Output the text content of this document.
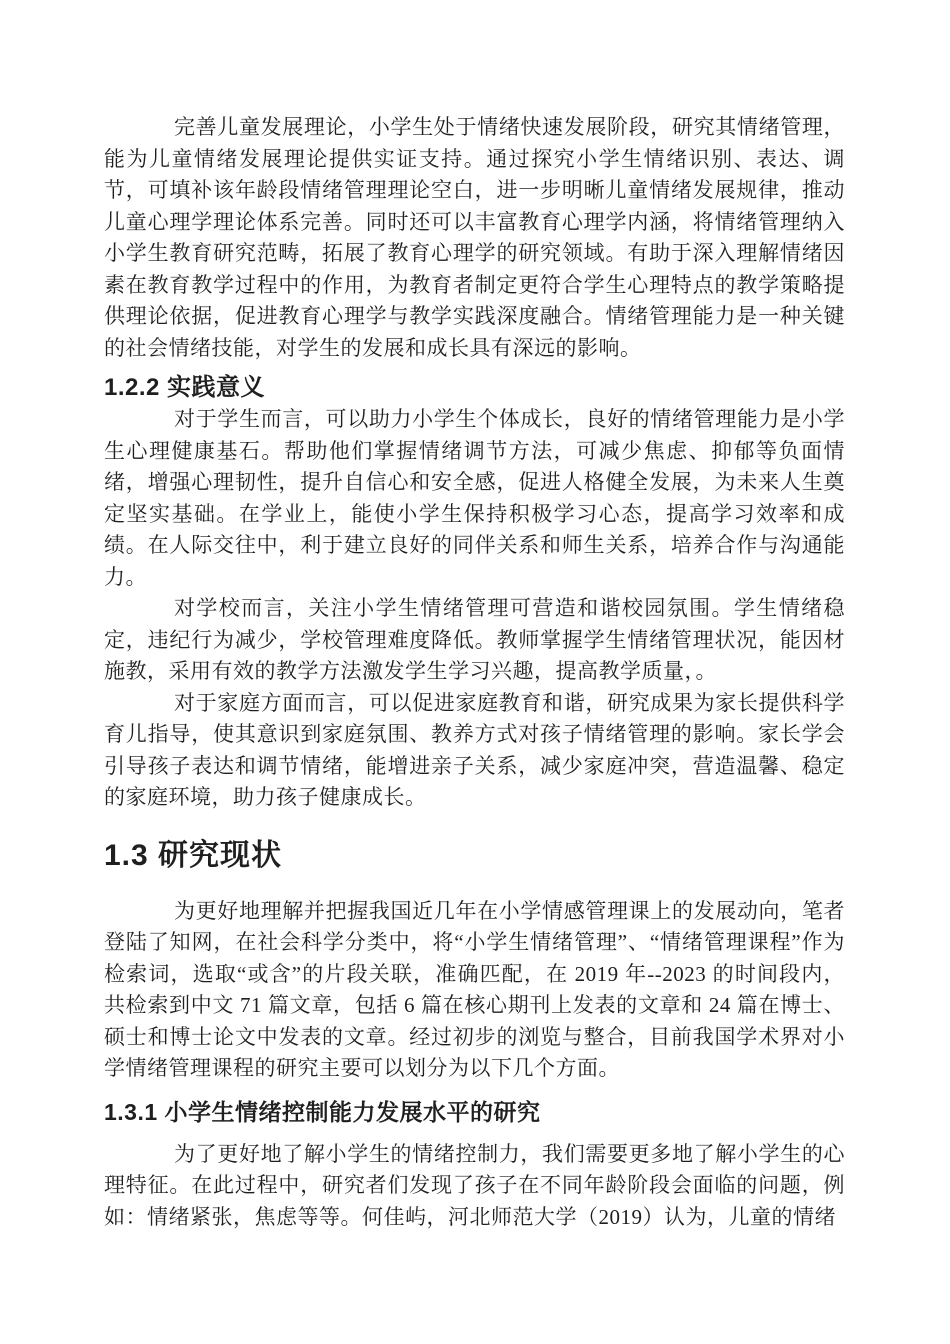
完善儿童发展理论，小学生处于情绪快速发展阶段，研究其情绪管理，能为儿童情绪发展理论提供实证支持。通过探究小学生情绪识别、表达、调节，可填补该年龄段情绪管理理论空白，进一步明晰儿童情绪发展规律，推动儿童心理学理论体系完善。同时还可以丰富教育心理学内涵，将情绪管理纳入小学生教育研究范畴，拓展了教育心理学的研究领域。有助于深入理解情绪因素在教育教学过程中的作用，为教育者制定更符合学生心理特点的教学策略提供理论依据，促进教育心理学与教学实践深度融合。情绪管理能力是一种关键的社会情绪技能，对学生的发展和成长具有深远的影响。

1.2.2 实践意义

对于学生而言，可以助力小学生个体成长，良好的情绪管理能力是小学生心理健康基石。帮助他们掌握情绪调节方法，可减少焦虑、抑郁等负面情绪，增强心理韧性，提升自信心和安全感，促进人格健全发展，为未来人生奠定坚实基础。在学业上，能使小学生保持积极学习心态，提高学习效率和成绩。在人际交往中，利于建立良好的同伴关系和师生关系，培养合作与沟通能力。

对学校而言，关注小学生情绪管理可营造和谐校园氛围。学生情绪稳定，违纪行为减少，学校管理难度降低。教师掌握学生情绪管理状况，能因材施教，采用有效的教学方法激发学生学习兴趣，提高教学质量，。

对于家庭方面而言，可以促进家庭教育和谐，研究成果为家长提供科学育儿指导，使其意识到家庭氛围、教养方式对孩子情绪管理的影响。家长学会引导孩子表达和调节情绪，能增进亲子关系，减少家庭冲突，营造温馨、稳定的家庭环境，助力孩子健康成长。

1.3 研究现状

为更好地理解并把握我国近几年在小学情感管理课上的发展动向，笔者登陆了知网，在社会科学分类中，将“小学生情绪管理”、“情绪管理课程”作为检索词，选取“或含”的片段关联，准确匹配，在 2019 年--2023 的时间段内，共检索到中文 71 篇文章，包括 6 篇在核心期刊上发表的文章和 24 篇在博士、硕士和博士论文中发表的文章。经过初步的浏览与整合，目前我国学术界对小学情绪管理课程的研究主要可以划分为以下几个方面。

1.3.1 小学生情绪控制能力发展水平的研究

为了更好地了解小学生的情绪控制力，我们需要更多地了解小学生的心理特征。在此过程中，研究者们发现了孩子在不同年龄阶段会面临的问题，例如：情绪紧张，焦虑等等。何佳屿，河北师范大学（2019）认为，儿童的情绪
